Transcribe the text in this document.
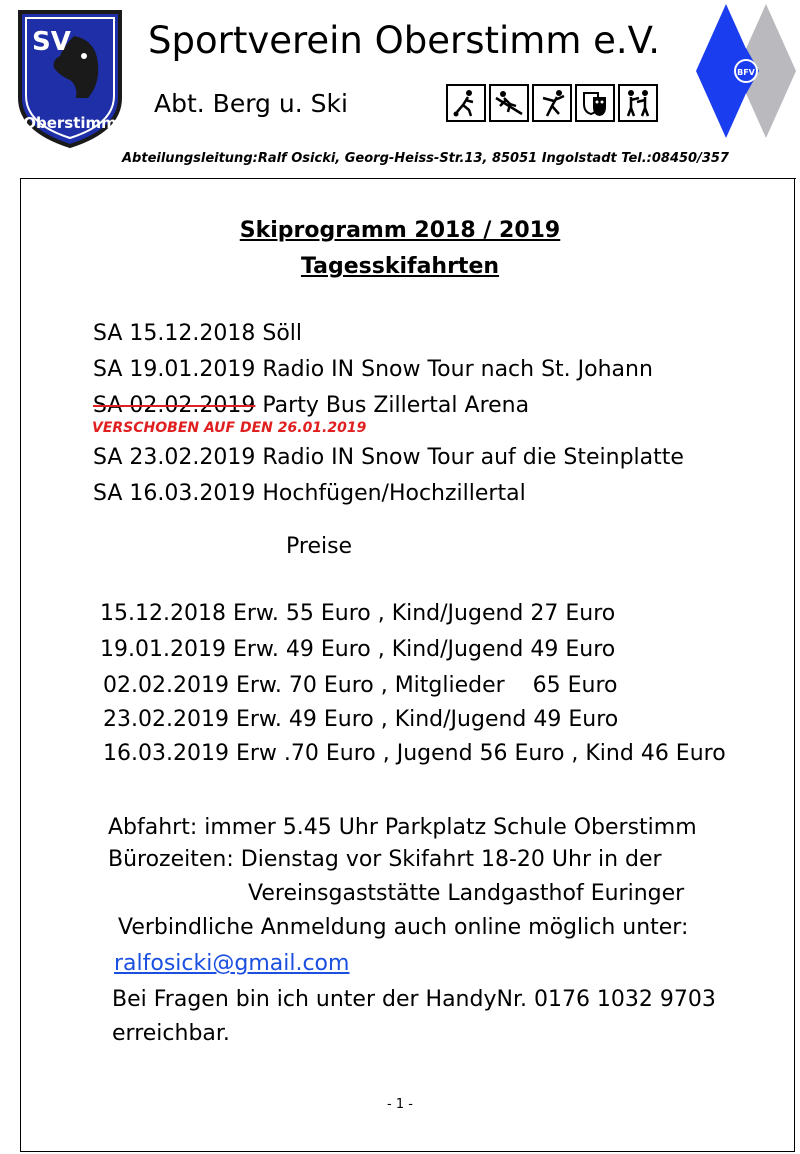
SV
Oberstimm
Sportverein Oberstimm e.V.
Abt. Berg u. Ski
BFV
Abteilungsleitung:Ralf Osicki, Georg-Heiss-Str.13, 85051 Ingolstadt Tel.:08450/357
Skiprogramm 2018 / 2019
Tagesskifahrten
SA 15.12.2018 Söll
SA 19.01.2019 Radio IN Snow Tour nach St. Johann
SA 02.02.2019 Party Bus Zillertal Arena
VERSCHOBEN AUF DEN 26.01.2019
SA 23.02.2019 Radio IN Snow Tour auf die Steinplatte
SA 16.03.2019 Hochfügen/Hochzillertal
Preise
15.12.2018 Erw. 55 Euro , Kind/Jugend 27 Euro
19.01.2019 Erw. 49 Euro , Kind/Jugend 49 Euro
02.02.2019 Erw. 70 Euro , Mitglieder    65 Euro
23.02.2019 Erw. 49 Euro , Kind/Jugend 49 Euro
16.03.2019 Erw .70 Euro , Jugend 56 Euro , Kind 46 Euro
Abfahrt: immer 5.45 Uhr Parkplatz Schule Oberstimm
Bürozeiten: Dienstag vor Skifahrt 18-20 Uhr in der
Vereinsgaststätte Landgasthof Euringer
Verbindliche Anmeldung auch online möglich unter:
ralfosicki@gmail.com
Bei Fragen bin ich unter der HandyNr. 0176 1032 9703
erreichbar.
- 1 -
